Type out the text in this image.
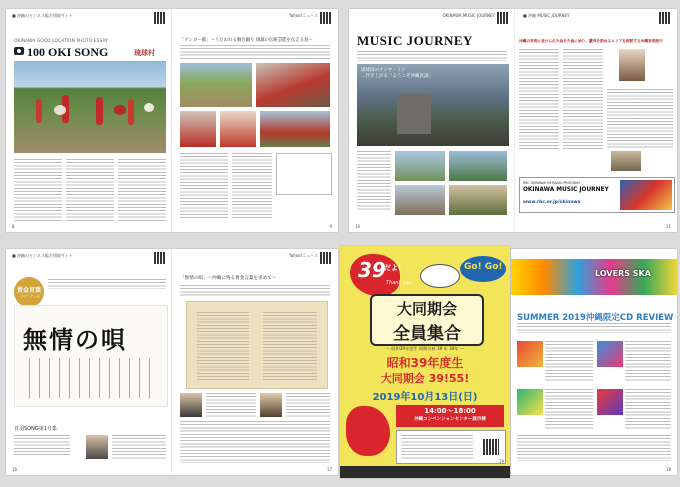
■ 沖縄のビジネス総合情報サイト
OKINAWA GOOD LOCATION PHOTO ESSAY
100 OKI SONG	琉球村
8
Yahoo!ニュース
「テンヨー節」〜うたわれる舞台踊り 琉球の伝統芸能を伝える島〜
9
OKINAWA MUSIC JOURNEY
MUSIC JOURNEY
琉球国のナシヤ・ミン
…浮き上がる「ようこそ沖縄民謡」
10
■ 沖縄 MUSIC JOURNEY
沖縄の音楽に受けられた曲をた曲に始り、慶祥を訪ねるエリアを探訪する沖縄音楽旅行
RBC OKINAWA FM RADIO PROGRAM
OKINAWA MUSIC JOURNEY
www.rbc.or.jp/okinawa
11
■ 沖縄のビジネス総合情報サイト
黄金言葉
くがにくとぅば
無情の唄
首羽SONG第1号集
16
Yahoo!ニュース
「無情の唄」〜沖縄に残る黄金言葉を求めて〜
17
39
だよ!
Thank you
Go! Go!
大同期会
全員集合
〜 昭和39年度生 同期の桜 39 年 39年 〜
昭和39年度生
大同期会 39!55!
2019年10月13日(日)
14:00〜18:00
沖縄コンベンションセンター展示棟
19
LOVERS SKA
SUMMER 2019沖縄限定CD REVIEW
18
